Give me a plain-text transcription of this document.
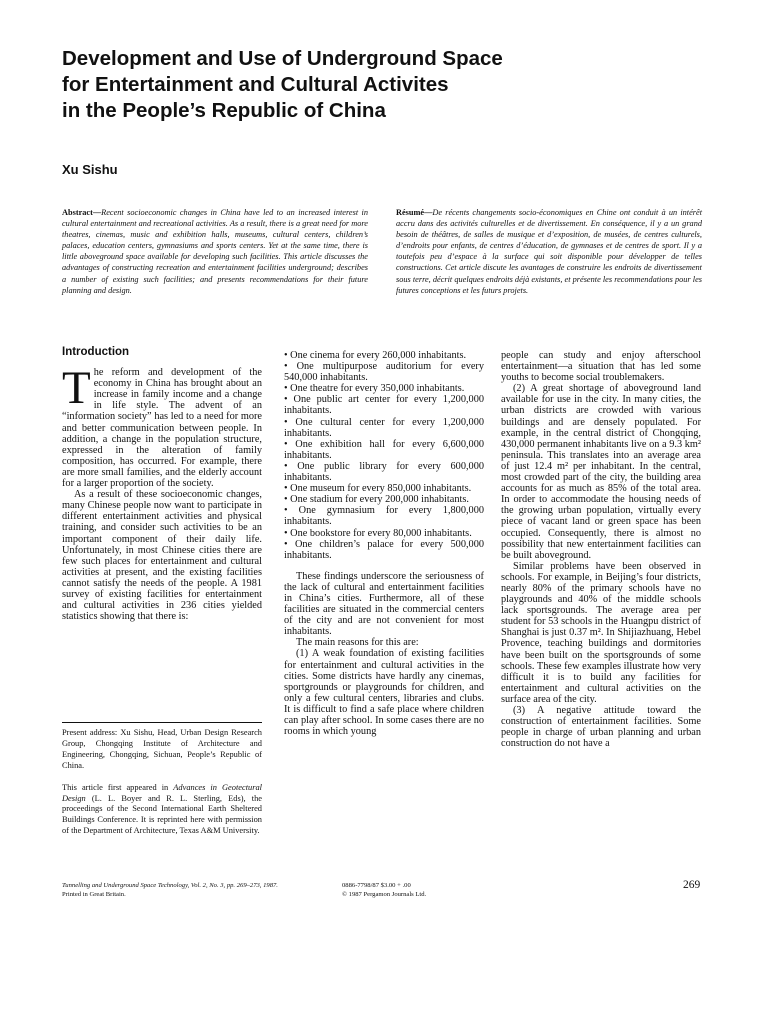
Development and Use of Underground Space
for Entertainment and Cultural Activites
in the People’s Republic of China
Xu Sishu
Abstract—Recent socioeconomic changes in China have led to an increased interest in cultural entertainment and recreational activities. As a result, there is a great need for more theatres, cinemas, music and exhibition halls, museums, cultural centers, children’s palaces, education centers, gymnasiums and sports centers. Yet at the same time, there is little aboveground space available for developing such facilities. This article discusses the advantages of constructing recreation and entertainment facilities underground; describes a number of existing such facilities; and presents recommendations for their future planning and design.
Résumé—De récents changements socio-économiques en Chine ont conduit à un intérêt accru dans des activités culturelles et de divertissement. En conséquence, il y a un grand besoin de théâtres, de salles de musique et d’exposition, de musées, de centres culturels, d’endroits pour enfants, de centres d’éducation, de gymnases et de centres de sport. Il y a toutefois peu d’espace à la surface qui soit disponible pour développer de telles constructions. Cet article discute les avantages de construire les endroits de divertissement sous terre, décrit quelques endroits déjà existants, et présente les recommendations pour les futures conceptions et les futurs projets.
Introduction

The reform and development of the economy in China has brought about an increase in family income and a change in life style. The advent of an “information society” has led to a need for more and better communication between people. In addition, a change in the population structure, expressed in the alteration of family composition, has occurred. For example, there are more small families, and the elderly account for a larger proportion of the society.

As a result of these socioeconomic changes, many Chinese people now want to participate in different entertainment activities and physical training, and consider such activities to be an important component of their daily life. Unfortunately, in most Chinese cities there are few such places for entertainment and cultural activities at present, and the existing facilities cannot satisfy the needs of the people. A 1981 survey of existing facilities for entertainment and cultural activities in 236 cities yielded statistics showing that there is:

Present address: Xu Sishu, Head, Urban Design Research Group, Chongqing Institute of Architecture and Engineering, Chongqing, Sichuan, People’s Republic of China.

This article first appeared in Advances in Geotectural Design (L. L. Boyer and R. L. Sterling, Eds), the proceedings of the Second International Earth Sheltered Buildings Conference. It is reprinted here with permission of the Department of Architecture, Texas A&M University.

• One cinema for every 260,000 inhabitants.

• One multipurpose auditorium for every 540,000 inhabitants.

• One theatre for every 350,000 inhabitants.

• One public art center for every 1,200,000 inhabitants.

• One cultural center for every 1,200,000 inhabitants.

• One exhibition hall for every 6,600,000 inhabitants.

• One public library for every 600,000 inhabitants.

• One museum for every 850,000 inhabitants.

• One stadium for every 200,000 inhabitants.

• One gymnasium for every 1,800,000 inhabitants.

• One bookstore for every 80,000 inhabitants.

• One children’s palace for every 500,000 inhabitants.

These findings underscore the seriousness of the lack of cultural and entertainment facilities in China’s cities. Furthermore, all of these facilities are situated in the commercial centers of the city and are not convenient for most inhabitants.

The main reasons for this are:

(1) A weak foundation of existing facilities for entertainment and cultural activities in the cities. Some districts have hardly any cinemas, sportgrounds or playgrounds for children, and only a few cultural centers, libraries and clubs. It is difficult to find a safe place where children can play after school. In some cases there are no rooms in which young

people can study and enjoy afterschool entertainment—a situation that has led some youths to become social troublemakers.

(2) A great shortage of aboveground land available for use in the city. In many cities, the urban districts are crowded with various buildings and are densely populated. For example, in the central district of Chongqing, 430,000 permanent inhabitants live on a 9.3 km² peninsula. This translates into an average area of just 12.4 m² per inhabitant. In the central, most crowded part of the city, the building area accounts for as much as 85% of the total area. In order to accommodate the housing needs of the growing urban population, virtually every piece of vacant land or green space has been occupied. Consequently, there is almost no possibility that new entertainment facilities can be built aboveground.

Similar problems have been observed in schools. For example, in Beijing’s four districts, nearly 80% of the primary schools have no playgrounds and 40% of the middle schools lack sportsgrounds. The average area per student for 53 schools in the Huangpu district of Shanghai is just 0.37 m². In Shijiazhuang, Hebel Provence, teaching buildings and dormitories have been built on the sportsgrounds of some schools. These few examples illustrate how very difficult it is to build any facilities for entertainment and cultural activities on the surface area of the city.

(3) A negative attitude toward the construction of entertainment facilities. Some people in charge of urban planning and urban construction do not have a

Tunnelling and Underground Space Technology, Vol. 2, No. 3, pp. 269–273, 1987.
Printed in Great Britain.
0886-7798/87 $3.00 + .00
© 1987 Pergamon Journals Ltd.
269
